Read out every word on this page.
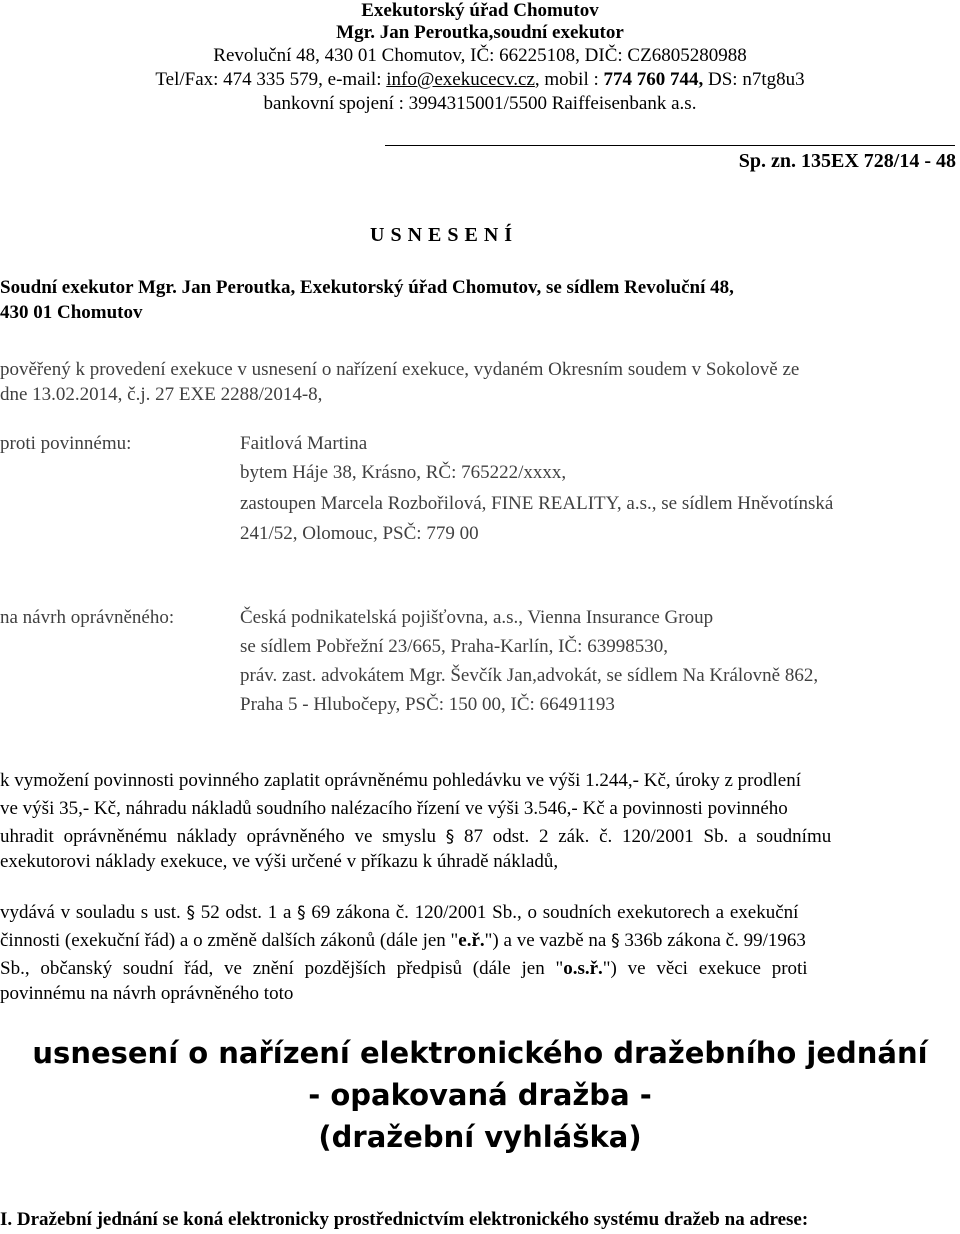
Exekutorský úřad Chomutov
Mgr. Jan Peroutka,soudní exekutor
Revoluční 48, 430 01 Chomutov, IČ: 66225108, DIČ: CZ6805280988
Tel/Fax: 474 335 579, e-mail: info@exekucecv.cz, mobil : 774 760 744, DS: n7tg8u3
bankovní spojení : 3994315001/5500 Raiffeisenbank a.s.
Sp. zn. 135EX 728/14 - 48
U S N E S E N Í
Soudní exekutor Mgr. Jan Peroutka, Exekutorský úřad Chomutov, se sídlem Revoluční 48,
430 01 Chomutov
pověřený k provedení exekuce v usnesení o nařízení exekuce, vydaném Okresním soudem v Sokolově ze
dne 13.02.2014, č.j. 27 EXE 2288/2014-8,
proti povinnému:	Faitlová Martina
bytem Háje 38, Krásno, RČ: 765222/xxxx,
zastoupen Marcela Rozbořilová, FINE REALITY, a.s., se sídlem Hněvotínská
241/52, Olomouc, PSČ: 779 00
na návrh oprávněného:	Česká podnikatelská pojišťovna, a.s., Vienna Insurance Group
se sídlem Pobřežní 23/665, Praha-Karlín, IČ: 63998530,
práv. zast. advokátem Mgr. Ševčík Jan,advokát, se sídlem Na Královně 862,
Praha 5 - Hlubočepy, PSČ: 150 00, IČ: 66491193
k vymožení povinnosti povinného zaplatit oprávněnému pohledávku ve výši 1.244,- Kč, úroky z prodlení
ve výši 35,- Kč, náhradu nákladů soudního nalézacího řízení ve výši 3.546,- Kč a povinnosti povinného
uhradit oprávněnému náklady oprávněného ve smyslu § 87 odst. 2 zák. č. 120/2001 Sb. a soudnímu
exekutorovi náklady exekuce, ve výši určené v příkazu k úhradě nákladů,
vydává v souladu s ust. § 52 odst. 1 a § 69 zákona č. 120/2001 Sb., o soudních exekutorech a exekuční
činnosti (exekuční řád) a o změně dalších zákonů (dále jen "e.ř.") a ve vazbě na § 336b zákona č. 99/1963
Sb., občanský soudní řád, ve znění pozdějších předpisů (dále jen "o.s.ř.") ve věci exekuce proti
povinnému na návrh oprávněného toto
usnesení o nařízení elektronického dražebního jednání
- opakovaná dražba -
(dražební vyhláška)
I. Dražební jednání se koná elektronicky prostřednictvím elektronického systému dražeb na adrese:
